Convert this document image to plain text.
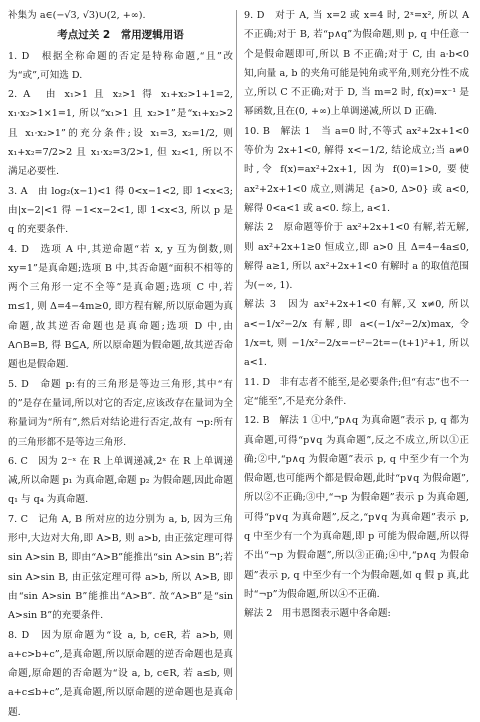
补集为 a∈(−√3, √3)∪(2, +∞).

考点过关 2　常用逻辑用语

1. D　根据全称命题的否定是特称命题,“且”改为“或”,可知选 D.

2. A　由 x₁>1 且 x₂>1 得 x₁+x₂>1+1=2, x₁·x₂>1×1=1, 所以“x₁>1 且 x₂>1”是“x₁+x₂>2 且 x₁·x₂>1”的充分条件;设 x₁=3, x₂=1/2, 则 x₁+x₂=7/2>2 且 x₁·x₂=3/2>1, 但 x₂<1, 所以不满足必要性.

3. A　由 log₂(x−1)<1 得 0<x−1<2, 即 1<x<3; 由|x−2|<1 得 −1<x−2<1, 即 1<x<3, 所以 p 是 q 的充要条件.

4. D　选项 A 中,其逆命题“若 x, y 互为倒数,则 xy=1”是真命题;选项 B 中,其否命题“面积不相等的两个三角形一定不全等”是真命题;选项 C 中,若 m≤1, 则 Δ=4−4m≥0, 即方程有解,所以原命题为真命题,故其逆否命题也是真命题;选项 D 中,由 A∩B=B, 得 B⊆A, 所以原命题为假命题,故其逆否命题也是假命题.

5. D　命题 p:有的三角形是等边三角形,其中“有的”是存在量词,所以对它的否定,应该改存在量词为全称量词为“所有”,然后对结论进行否定,故有 ¬p:所有的三角形都不是等边三角形.

6. C　因为 2⁻ˣ 在 R 上单调递减,2ˣ 在 R 上单调递减,所以命题 p₁ 为真命题,命题 p₂ 为假命题,因此命题 q₁ 与 q₄ 为真命题.

7. C　记角 A, B 所对应的边分别为 a, b, 因为三角形中,大边对大角,即 A>B, 则 a>b, 由正弦定理可得 sin A>sin B, 即由“A>B”能推出“sin A>sin B”;若 sin A>sin B, 由正弦定理可得 a>b, 所以 A>B, 即由“sin A>sin B”能推出“A>B”. 故“A>B”是“sin A>sin B”的充要条件.

8. D　因为原命题为“设 a, b, c∈R, 若 a>b, 则 a+c>b+c”,是真命题,所以原命题的逆否命题也是真命题,原命题的否命题为“设 a, b, c∈R, 若 a≤b, 则 a+c≤b+c”,是真命题,所以原命题的逆命题也是真命题.

9. D　对于 A, 当 x=2 或 x=4 时, 2ˣ=x², 所以 A 不正确;对于 B, 若“p∧q”为假命题,则 p, q 中任意一个是假命题即可,所以 B 不正确;对于 C, 由 a·b<0 知,向量 a, b 的夹角可能是钝角或平角,则充分性不成立,所以 C 不正确;对于 D, 当 m=2 时, f(x)=x⁻¹ 是幂函数,且在(0, +∞)上单调递减,所以 D 正确.

10. B　解法 1　当 a=0 时,不等式 ax²+2x+1<0 等价为 2x+1<0, 解得 x<−1/2, 结论成立;当 a≠0 时,令 f(x)=ax²+2x+1, 因为 f(0)=1>0, 要使 ax²+2x+1<0 成立,则满足 {a>0, Δ>0} 或 a<0, 解得 0<a<1 或 a<0. 综上, a<1.

解法 2　原命题等价于 ax²+2x+1<0 有解,若无解,则 ax²+2x+1≥0 恒成立,即 a>0 且 Δ=4−4a≤0, 解得 a≥1, 所以 ax²+2x+1<0 有解时 a 的取值范围为(−∞, 1).

解法 3　因为 ax²+2x+1<0 有解,又 x≠0, 所以 a<−1/x²−2/x 有解,即 a<(−1/x²−2/x)max, 令 1/x=t, 则 −1/x²−2/x=−t²−2t=−(t+1)²+1, 所以 a<1.

11. D　非有志者不能至,是必要条件;但“有志”也不一定“能至”,不是充分条件.

12. B　解法 1 ①中,“p∧q 为真命题”表示 p, q 都为真命题,可得“p∨q 为真命题”,反之不成立,所以①正确;②中,“p∧q 为假命题”表示 p, q 中至少有一个为假命题,也可能两个都是假命题,此时“p∨q 为假命题”,所以②不正确;③中,“¬p 为假命题”表示 p 为真命题,可得“p∨q 为真命题”,反之,“p∨q 为真命题”表示 p, q 中至少有一个为真命题,即 p 可能为假命题,所以得不出“¬p 为假命题”,所以③正确;④中,“p∧q 为假命题”表示 p, q 中至少有一个为假命题,如 q 假 p 真,此时“¬p”为假命题,所以④不正确.

解法 2　用韦恩图表示题中各命题:
